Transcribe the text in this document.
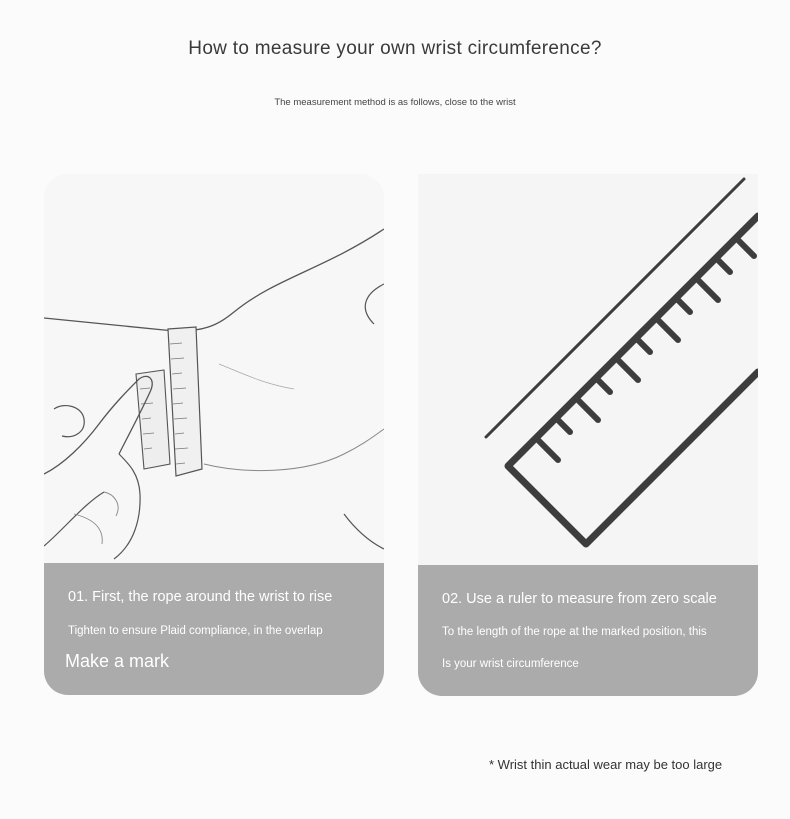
How to measure your own wrist circumference?
The measurement method is as follows, close to the wrist
01. First, the rope around the wrist to rise
Tighten to ensure Plaid compliance, in the overlap
Make a mark
02. Use a ruler to measure from zero scale
To the length of the rope at the marked position, this
Is your wrist circumference
* Wrist thin actual wear may be too large
